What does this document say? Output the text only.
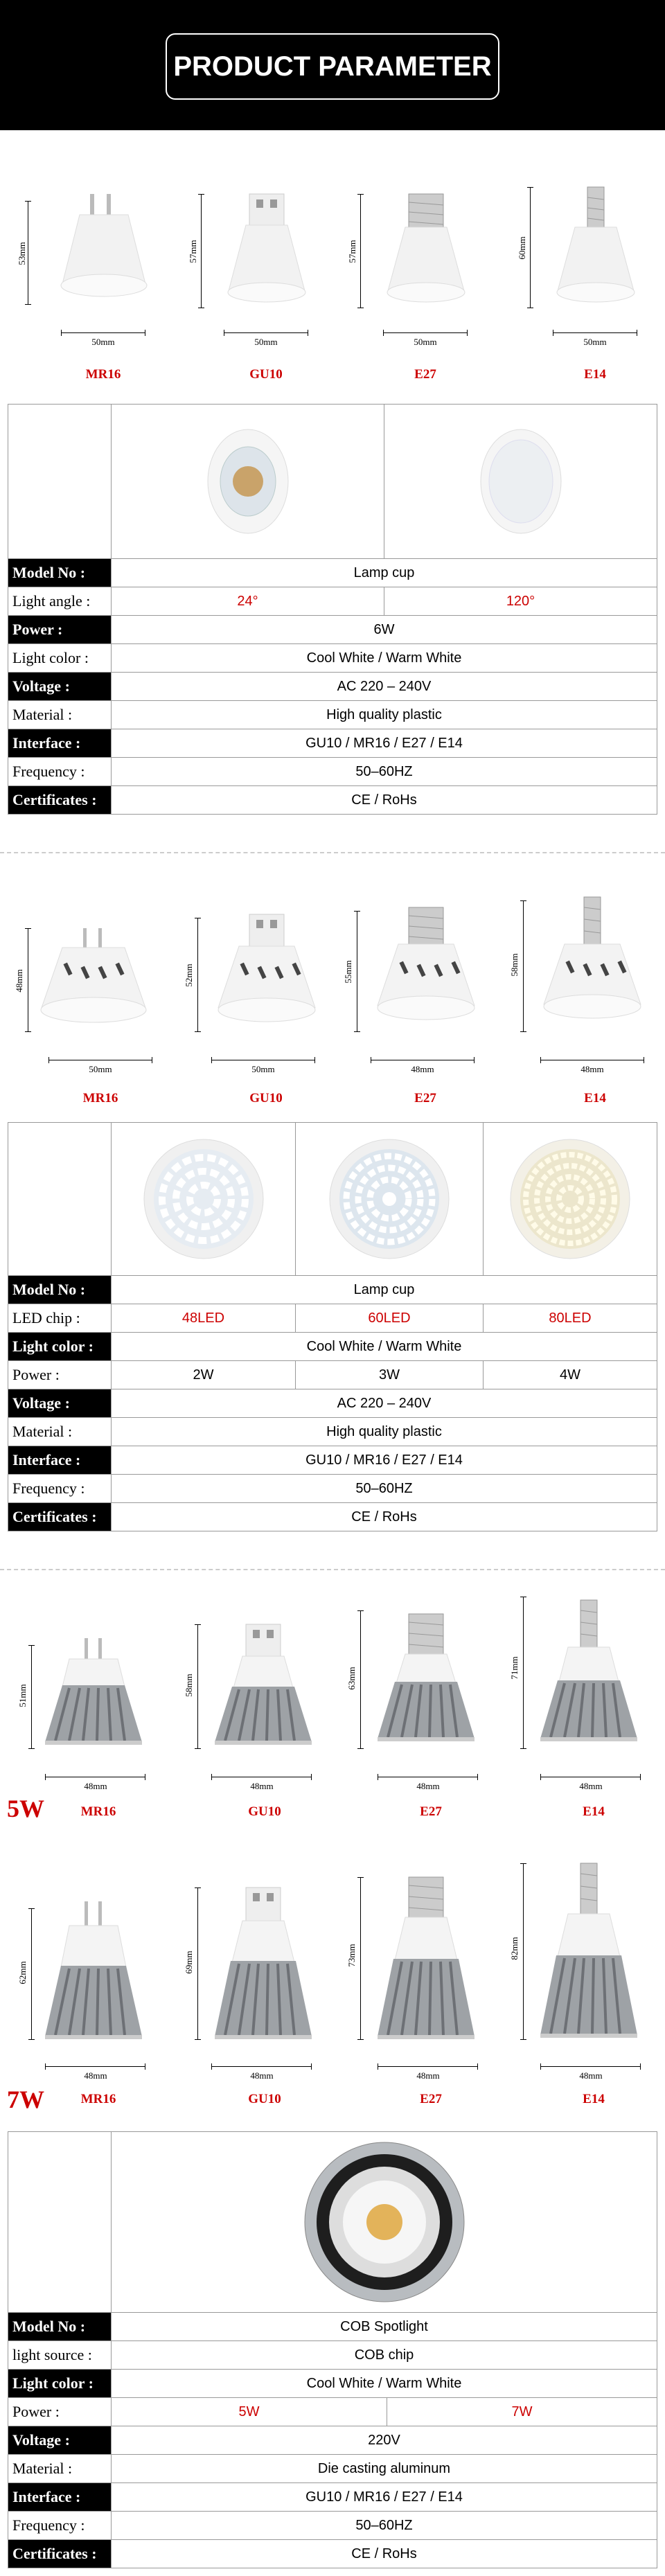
PRODUCT PARAMETER
53mm
50mm
MR16
57mm
50mm
GU10
57mm
50mm
E27
60mm
50mm
E14

Model No :	Lamp cup	
Light angle :	24°	120°
Power :	6W	
Light color :	Cool White / Warm White	
Voltage :	AC 220 – 240V	
Material :	High quality plastic	
Interface :	GU10 / MR16 / E27 / E14	
Frequency :	50–60HZ	
Certificates :	CE / RoHs	
48mm
50mm
MR16
52mm
50mm
GU10
55mm
48mm
E27
58mm
48mm
E14

Model No :	Lamp cup		
LED chip :	48LED	60LED	80LED
Light color :	Cool White / Warm White		
Power :	2W	3W	4W
Voltage :	AC 220 – 240V		
Material :	High quality plastic		
Interface :	GU10 / MR16 / E27 / E14		
Frequency :	50–60HZ		
Certificates :	CE / RoHs		
5W
51mm
48mm
MR16
58mm
48mm
GU10
63mm
48mm
E27
71mm
48mm
E14
7W
62mm
48mm
MR16
69mm
48mm
GU10
73mm
48mm
E27
82mm
48mm
E14

Model No :	COB Spotlight	
light source :	COB chip	
Light color :	Cool White / Warm White	
Power :	5W	7W
Voltage :	220V	
Material :	Die casting aluminum	
Interface :	GU10 / MR16 / E27 / E14	
Frequency :	50–60HZ	
Certificates :	CE / RoHs	
